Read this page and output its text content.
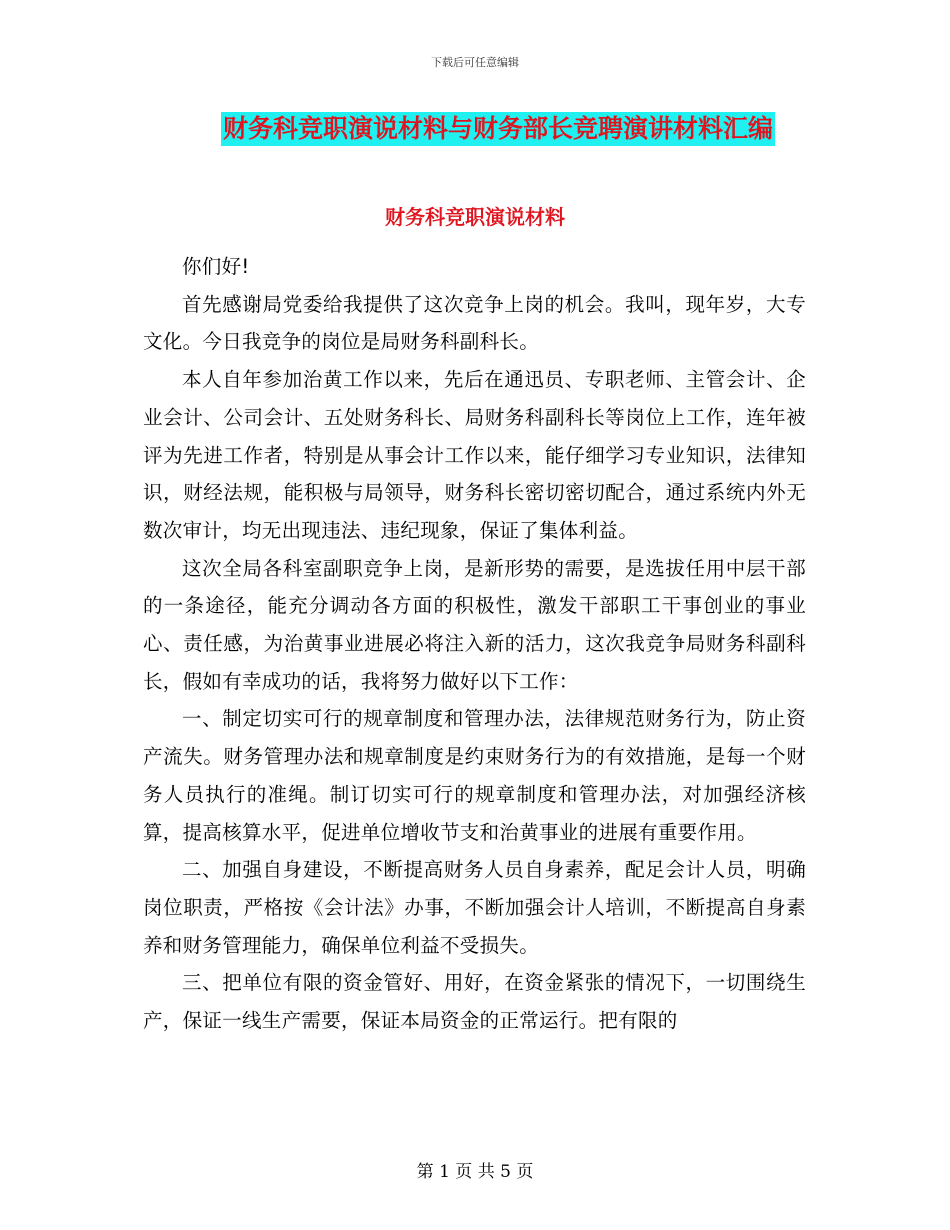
下载后可任意编辑
财务科竞职演说材料与财务部长竞聘演讲材料汇编
财务科竞职演说材料

你们好!

首先感谢局党委给我提供了这次竞争上岗的机会。我叫，现年岁，大专文化。今日我竞争的岗位是局财务科副科长。

本人自年参加治黄工作以来，先后在通迅员、专职老师、主管会计、企业会计、公司会计、五处财务科长、局财务科副科长等岗位上工作，连年被评为先进工作者，特别是从事会计工作以来，能仔细学习专业知识，法律知识，财经法规，能积极与局领导，财务科长密切密切配合，通过系统内外无数次审计，均无出现违法、违纪现象，保证了集体利益。

这次全局各科室副职竞争上岗，是新形势的需要，是选拔任用中层干部的一条途径，能充分调动各方面的积极性，激发干部职工干事创业的事业心、责任感，为治黄事业进展必将注入新的活力，这次我竞争局财务科副科长，假如有幸成功的话，我将努力做好以下工作：

一、制定切实可行的规章制度和管理办法，法律规范财务行为，防止资产流失。财务管理办法和规章制度是约束财务行为的有效措施，是每一个财务人员执行的准绳。制订切实可行的规章制度和管理办法，对加强经济核算，提高核算水平，促进单位增收节支和治黄事业的进展有重要作用。

二、加强自身建设，不断提高财务人员自身素养，配足会计人员，明确岗位职责，严格按《会计法》办事，不断加强会计人培训，不断提高自身素养和财务管理能力，确保单位利益不受损失。

三、把单位有限的资金管好、用好，在资金紧张的情况下，一切围绕生产，保证一线生产需要，保证本局资金的正常运行。把有限的

第 1 页 共 5 页
